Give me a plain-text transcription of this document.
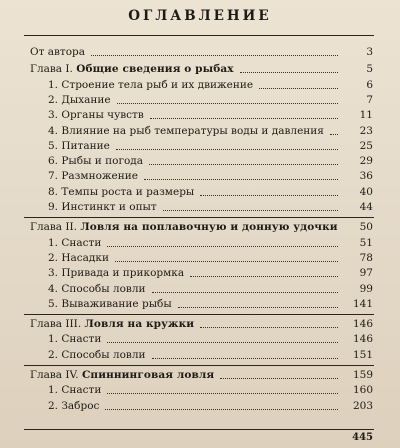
ОГЛАВЛЕНИЕ
От автора	3
Глава I. Общие сведения о рыбах	5
1. Строение тела рыб и их движение	6
2. Дыхание	7
3. Органы чувств	11
4. Влияние на рыб температуры воды и давления	23
5. Питание	25
6. Рыбы и погода	29
7. Размножение	36
8. Темпы роста и размеры	40
9. Инстинкт и опыт	44
Глава II. Ловля на поплавочную и донную удочки	50
1. Снасти	51
2. Насадки	78
3. Привада и прикормка	97
4. Способы ловли	99
5. Вываживание рыбы	141
Глава III. Ловля на кружки	146
1. Снасти	146
2. Способы ловли	151
Глава IV. Спиннинговая ловля	159
1. Снасти	160
2. Заброс	203
445
